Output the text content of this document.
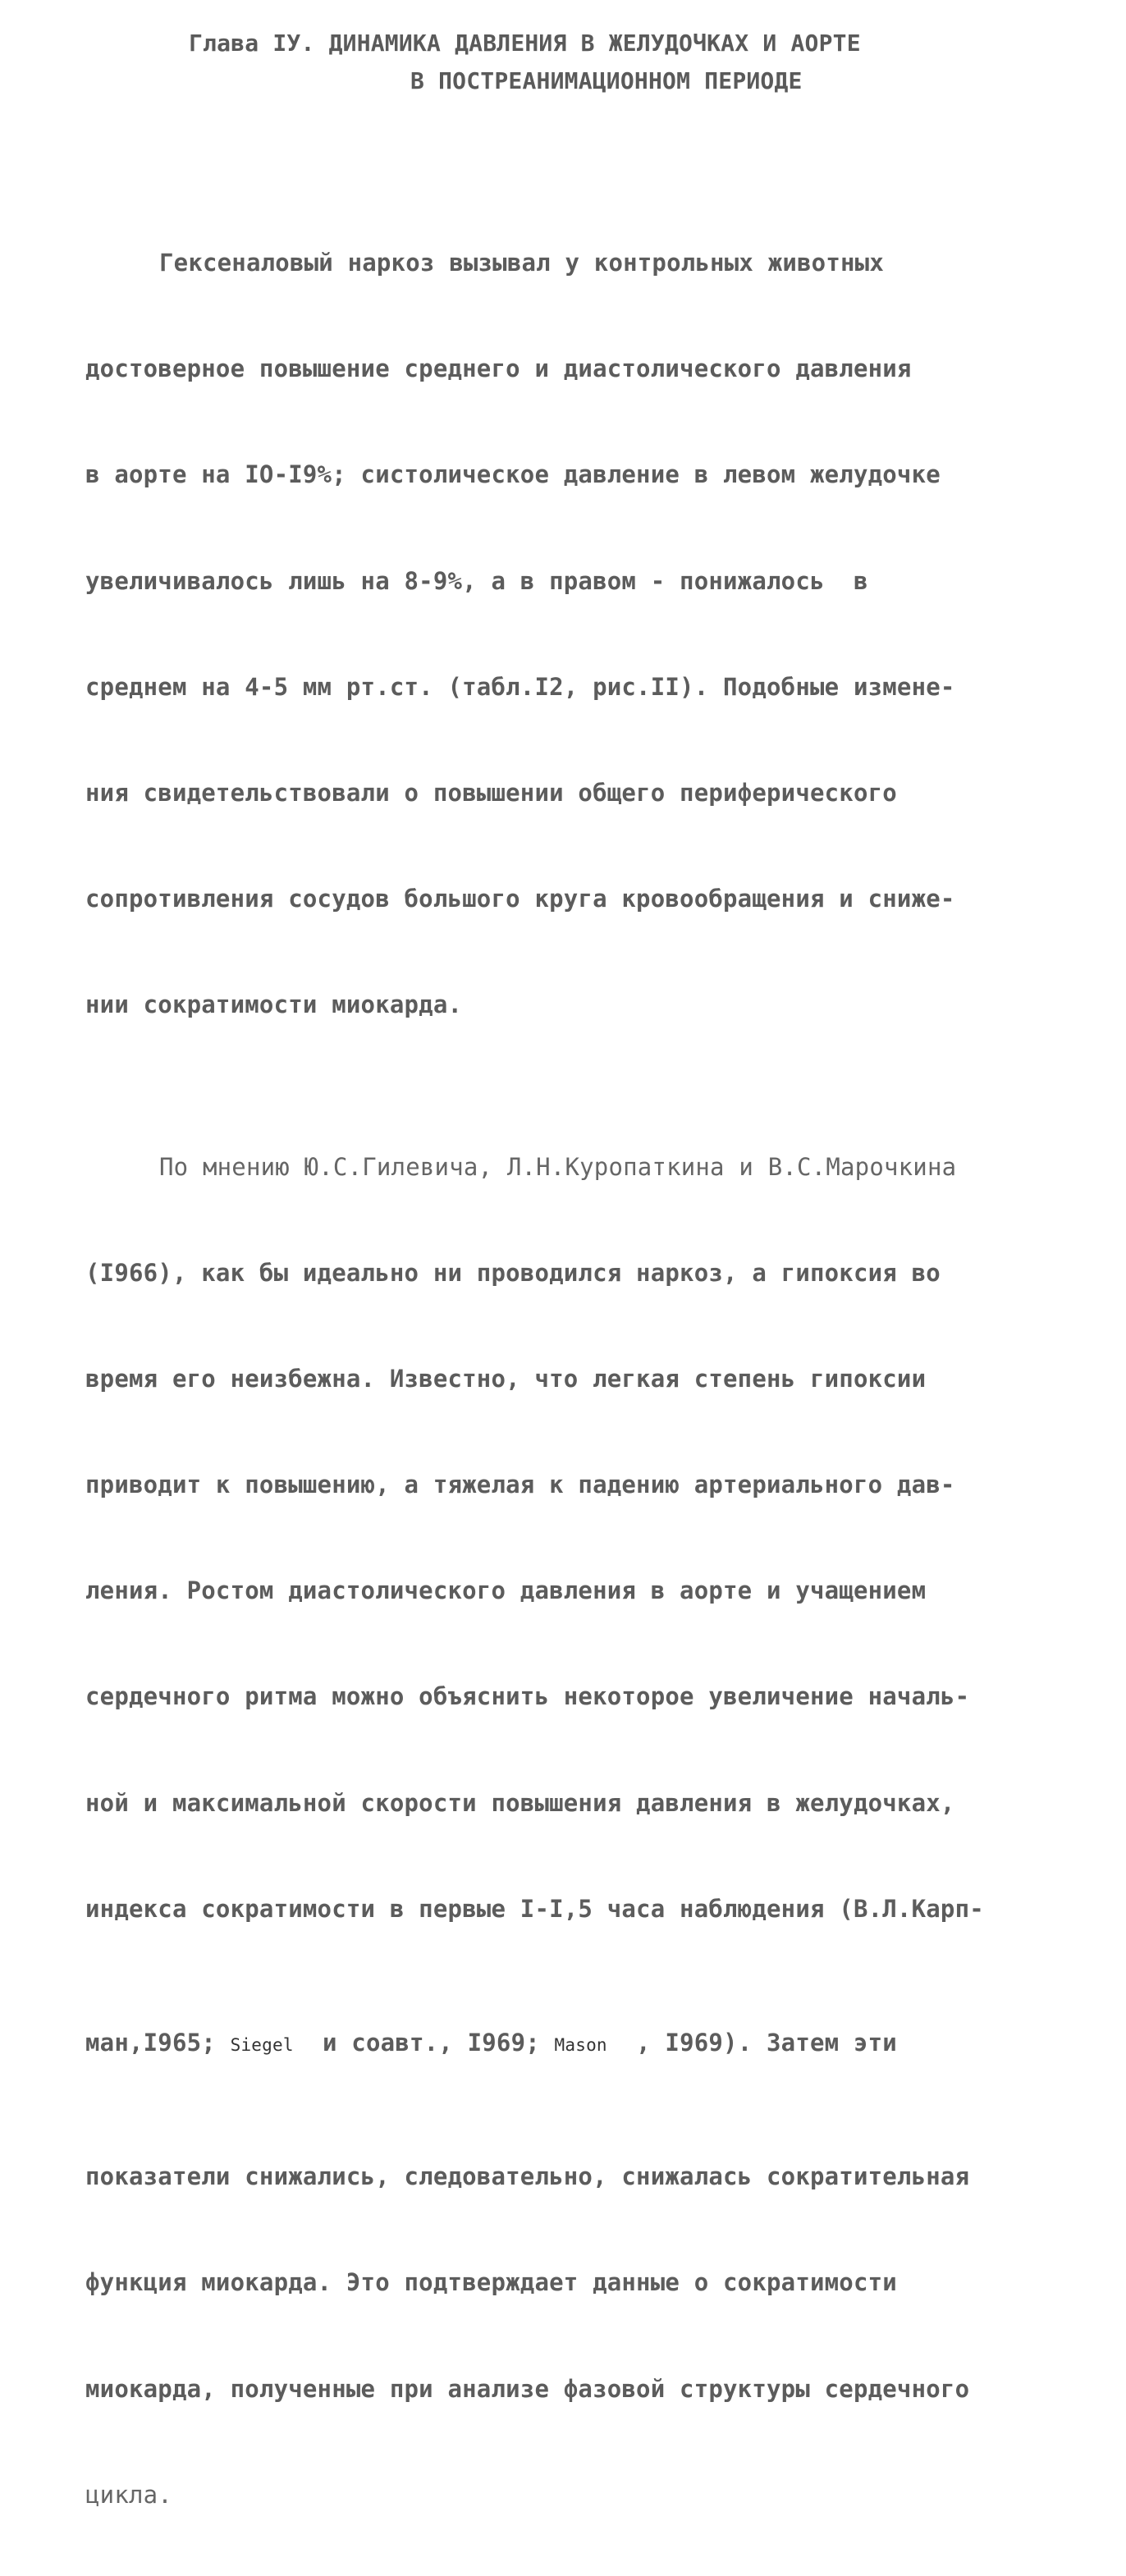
Глава IУ. ДИНАМИКА ДАВЛЕНИЯ В ЖЕЛУДОЧКАХ И АОРТЕ
В ПОСТРЕАНИМАЦИОННОМ ПЕРИОДЕ

Гексеналовый наркоз вызывал у контрольных животных

достоверное повышение среднего и диастолического давления

в аорте на IO-I9%; систолическое давление в левом желудочке

увеличивалось лишь на 8-9%, а в правом - понижалось  в

среднем на 4-5 мм рт.ст. (табл.I2, рис.II). Подобные измене-

ния свидетельствовали о повышении общего периферического

сопротивления сосудов большого круга кровообращения и сниже-

нии сократимости миокарда.

По мнению Ю.С.Гилевича, Л.Н.Куропаткина и В.С.Марочкина

(I966), как бы идеально ни проводился наркоз, а гипоксия во

время его неизбежна. Известно, что легкая степень гипоксии

приводит к повышению, а тяжелая к падению артериального дав-

ления. Ростом диастолического давления в аорте и учащением

сердечного ритма можно объяснить некоторое увеличение началь-

ной и максимальной скорости повышения давления в желудочках,

индекса сократимости в первые I-I,5 часа наблюдения (В.Л.Карп-

ман,I965; Siegel  и соавт., I969; Mason  , I969). Затем эти

показатели снижались, следовательно, снижалась сократительная

функция миокарда. Это подтверждает данные о сократимости

миокарда, полученные при анализе фазовой структуры сердечного

цикла.
